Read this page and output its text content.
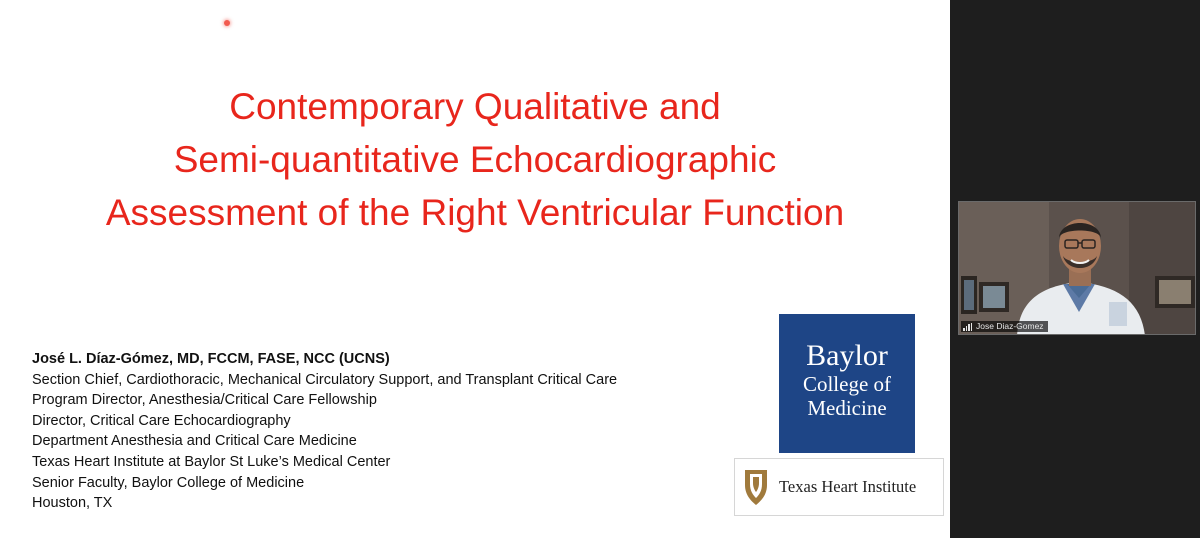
Contemporary Qualitative and
Semi-quantitative Echocardiographic
Assessment of the Right Ventricular Function
José L. Díaz-Gómez, MD, FCCM, FASE, NCC (UCNS)
Section Chief, Cardiothoracic, Mechanical Circulatory Support, and Transplant Critical Care
Program Director, Anesthesia/Critical Care Fellowship
Director, Critical Care Echocardiography
Department Anesthesia and Critical Care Medicine
Texas Heart Institute at Baylor St Luke’s Medical Center
Senior Faculty, Baylor College of Medicine
Houston, TX
Baylor
College of
Medicine
Texas Heart Institute
Jose Diaz-Gomez
